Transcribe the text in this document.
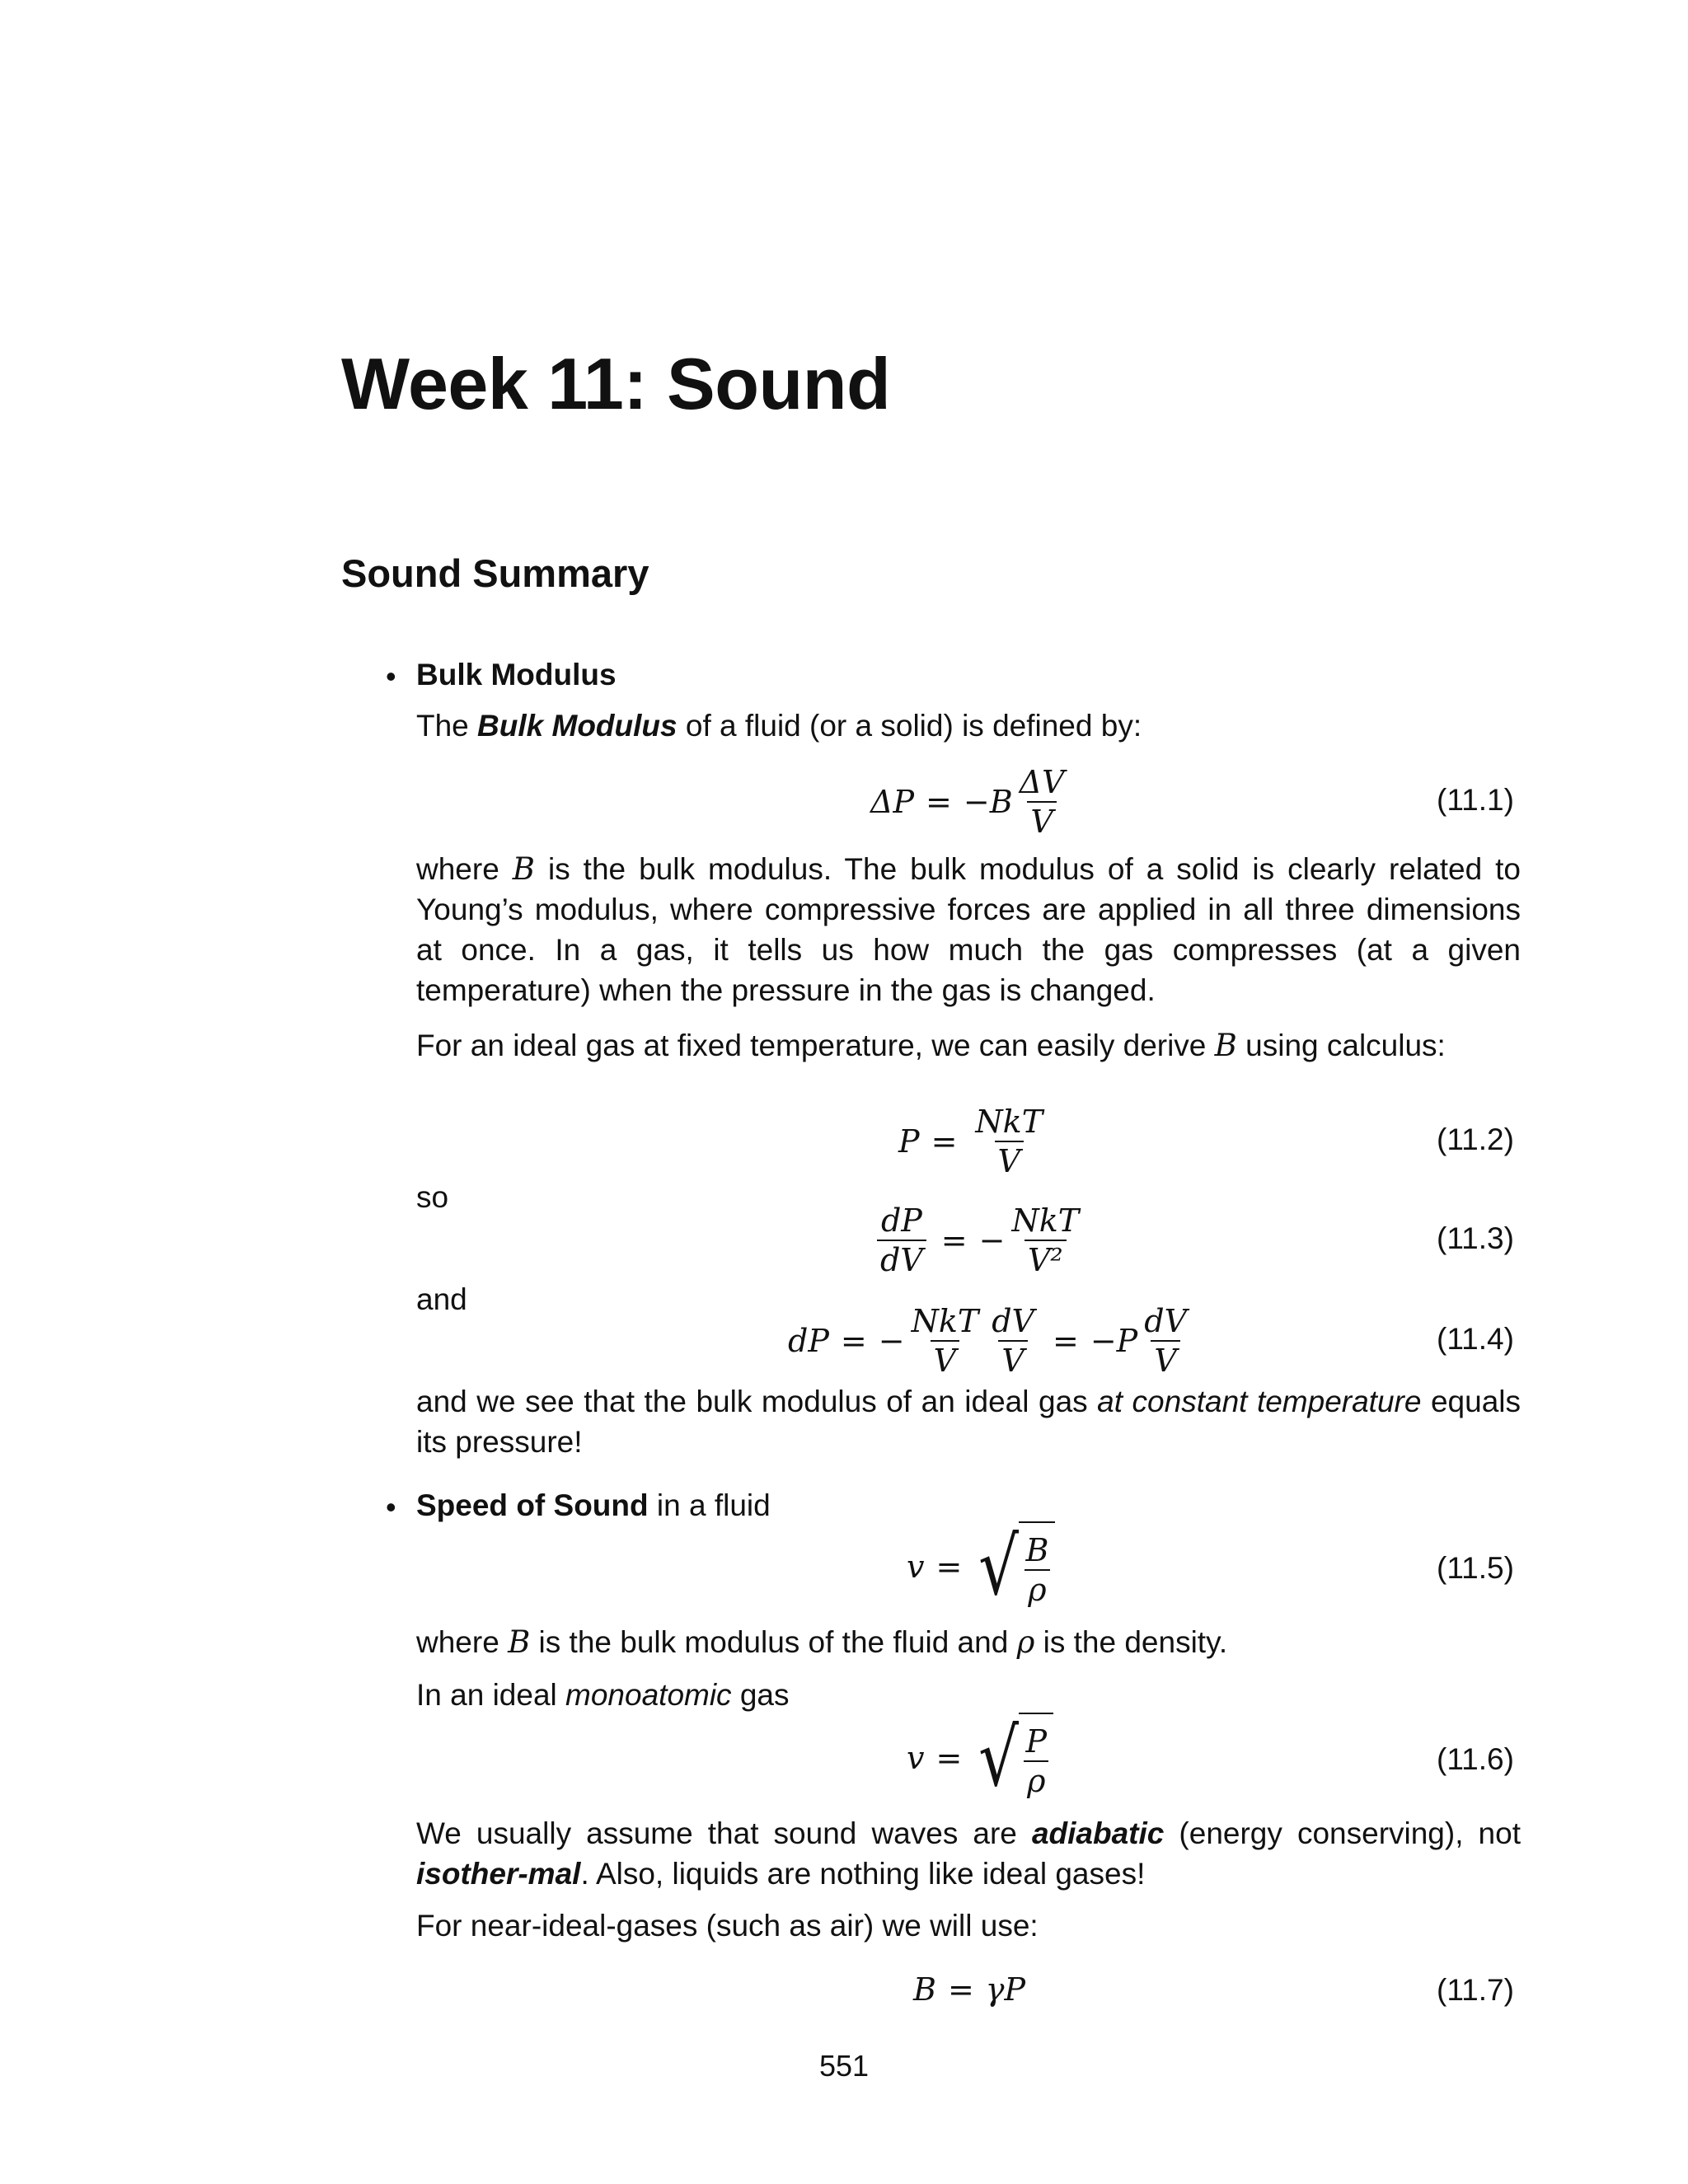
Week 11: Sound
Sound Summary
• Bulk Modulus

The Bulk Modulus of a fluid (or a solid) is defined by:

$\Delta P = -B \frac{\Delta V}{V}$	(11.1)

where B is the bulk modulus. The bulk modulus of a solid is clearly related to Young’s modulus, where compressive forces are applied in all three dimensions at once. In a gas, it tells us how much the gas compresses (at a given temperature) when the pressure in the gas is changed.

For an ideal gas at fixed temperature, we can easily derive B using calculus:

$P = \frac{\text{NkT}}{V}$	(11.2)

so

$\frac{dP}{dV}$ = − $\frac{\text{NkT}}{\text{V²}}$	(11.3)

and

dP = − $\frac{\text{NkT}}{V} \frac{dV}{V} = -P \frac{dV}{V}$	(11.4)

and we see that the bulk modulus of an ideal gas at constant temperature equals its pressure!

• Speed of Sound in a fluid

v = √ $\frac{B}{\rho}$	(11.5)

where B is the bulk modulus of the fluid and ρ is the density.

In an ideal monoatomic gas

v = √ $\frac{P}{\rho}$	(11.6)

We usually assume that sound waves are adiabatic (energy conserving), not isother-mal. Also, liquids are nothing like ideal gases!

For near-ideal-gases (such as air) we will use:

B = γP	(11.7)
551
